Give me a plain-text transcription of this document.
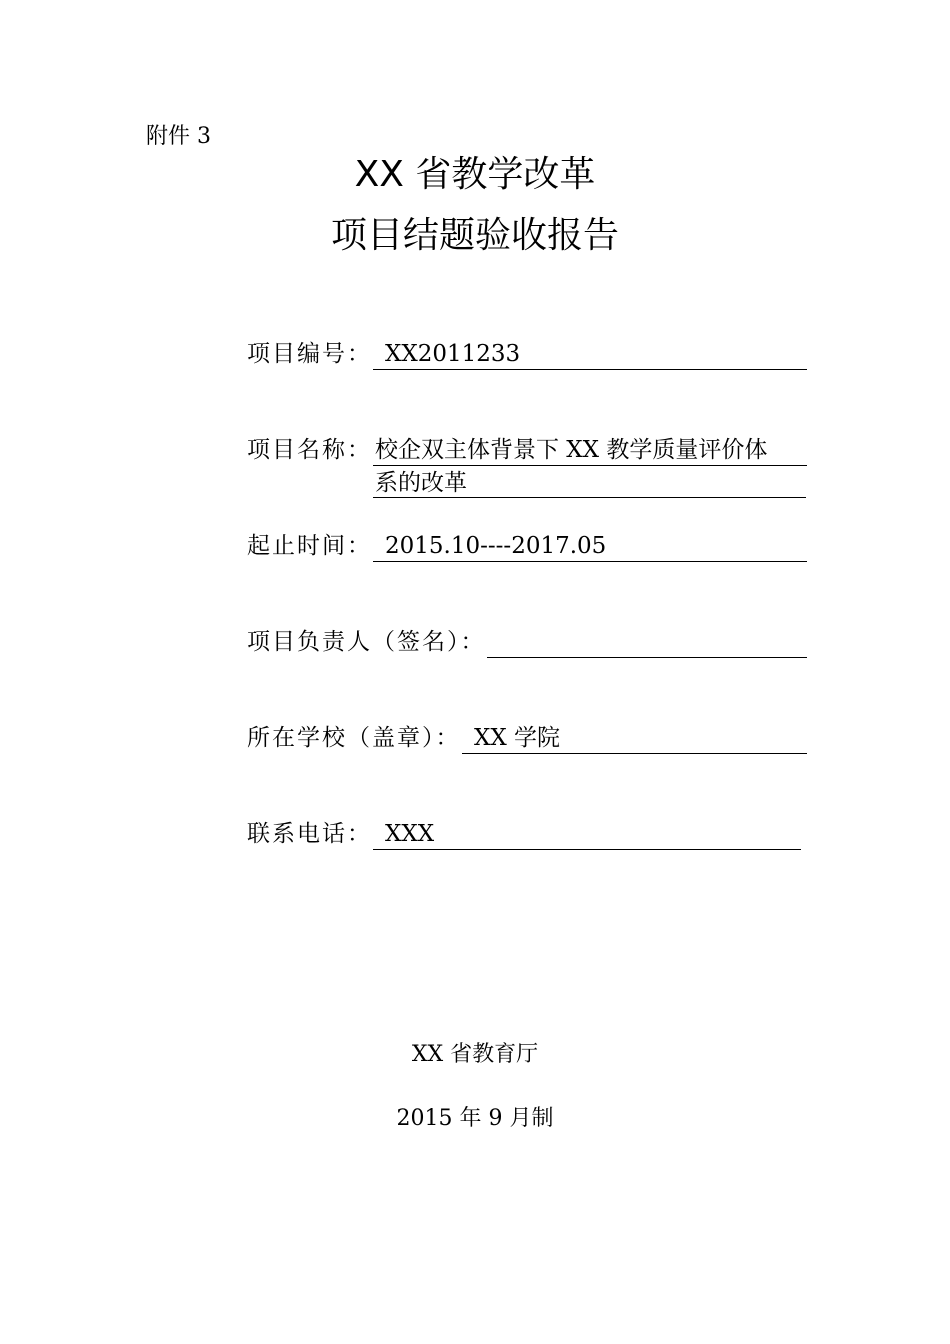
附件 3
XX 省教学改革
项目结题验收报告
项目编号： XX2011233
项目名称： 校企双主体背景下 XX 教学质量评价体
系的改革
起止时间： 2015.10----2017.05
项目负责人（签名）：
所在学校（盖章）： XX 学院
联系电话： XXX
XX 省教育厅
2015 年 9 月制
